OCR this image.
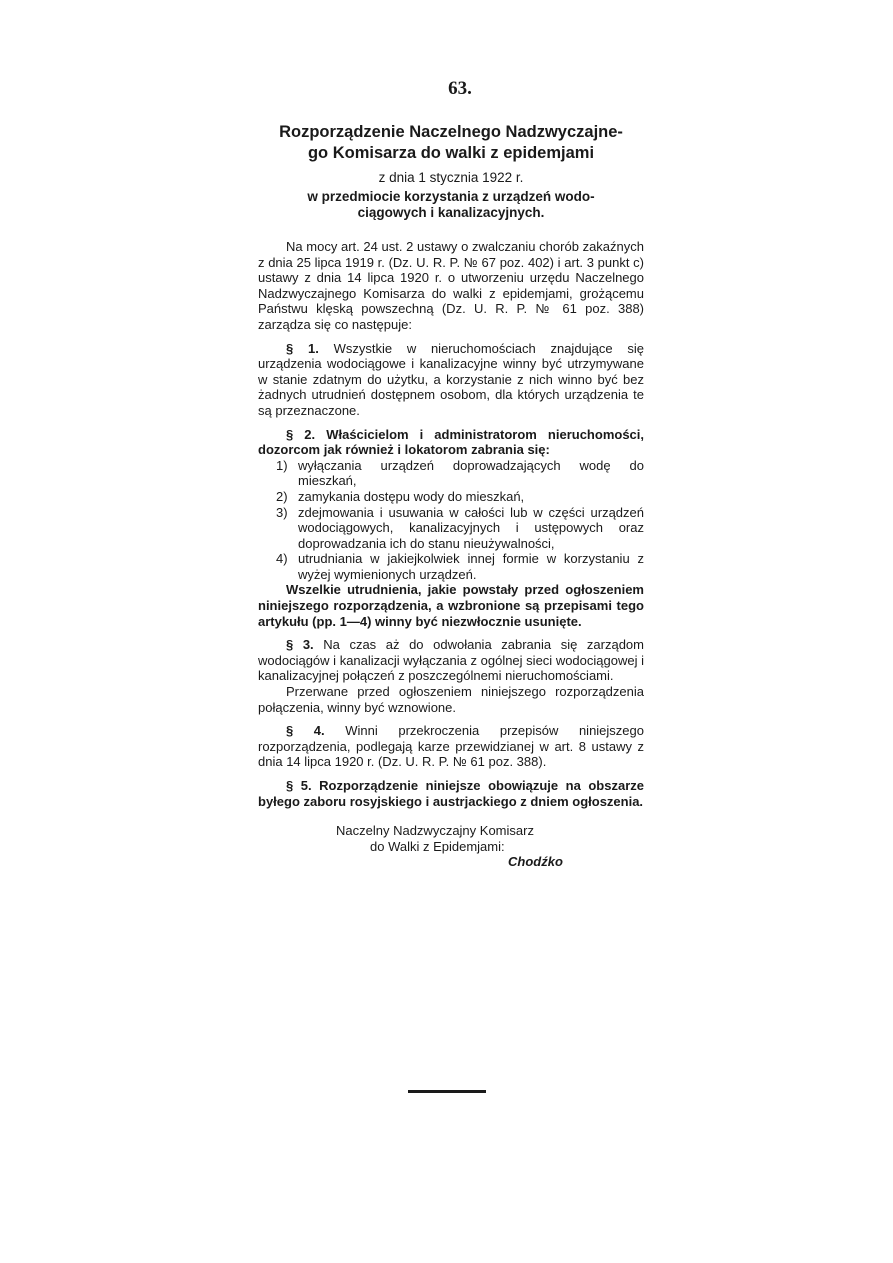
63.
Rozporządzenie Naczelnego Nadzwyczajne-
go Komisarza do walki z epidemjami
z dnia 1 stycznia 1922 r.
w przedmiocie korzystania z urządzeń wodo-
ciągowych i kanalizacyjnych.

Na mocy art. 24 ust. 2 ustawy o zwalczaniu chorób zakaźnych z dnia 25 lipca 1919 r. (Dz. U. R. P. № 67 poz. 402) i art. 3 punkt c) ustawy z dnia 14 lipca 1920 r. o utworzeniu urzędu Naczelnego Nadzwyczajnego Komisarza do walki z epidemjami, grożącemu Państwu klęską powszechną (Dz. U. R. P. № 61 poz. 388) zarządza się co następuje:

§ 1. Wszystkie w nieruchomościach znajdujące się urządzenia wodociągowe i kanalizacyjne winny być utrzymywane w stanie zdatnym do użytku, a korzystanie z nich winno być bez żadnych utrudnień dostępnem osobom, dla których urządzenia te są przeznaczone.

§ 2. Właścicielom i administratorom nieruchomości, dozorcom jak również i lokatorom zabrania się:

1) wyłączania urządzeń doprowadzających wodę do mieszkań,
2) zamykania dostępu wody do mieszkań,
3) zdejmowania i usuwania w całości lub w części urządzeń wodociągowych, kanalizacyjnych i ustępowych oraz doprowadzania ich do stanu nieużywalności,
4) utrudniania w jakiejkolwiek innej formie w korzystaniu z wyżej wymienionych urządzeń.

Wszelkie utrudnienia, jakie powstały przed ogłoszeniem niniejszego rozporządzenia, a wzbronione są przepisami tego artykułu (pp. 1—4) winny być niezwłocznie usunięte.

§ 3. Na czas aż do odwołania zabrania się zarządom wodociągów i kanalizacji wyłączania z ogólnej sieci wodociągowej i kanalizacyjnej połączeń z poszczególnemi nieruchomościami.

Przerwane przed ogłoszeniem niniejszego rozporządzenia połączenia, winny być wznowione.

§ 4. Winni przekroczenia przepisów niniejszego rozporządzenia, podlegają karze przewidzianej w art. 8 ustawy z dnia 14 lipca 1920 r. (Dz. U. R. P. № 61 poz. 388).

§ 5. Rozporządzenie niniejsze obowiązuje na obszarze byłego zaboru rosyjskiego i austrjackiego z dniem ogłoszenia.

Naczelny Nadzwyczajny Komisarz
do Walki z Epidemjami:
Chodźko
